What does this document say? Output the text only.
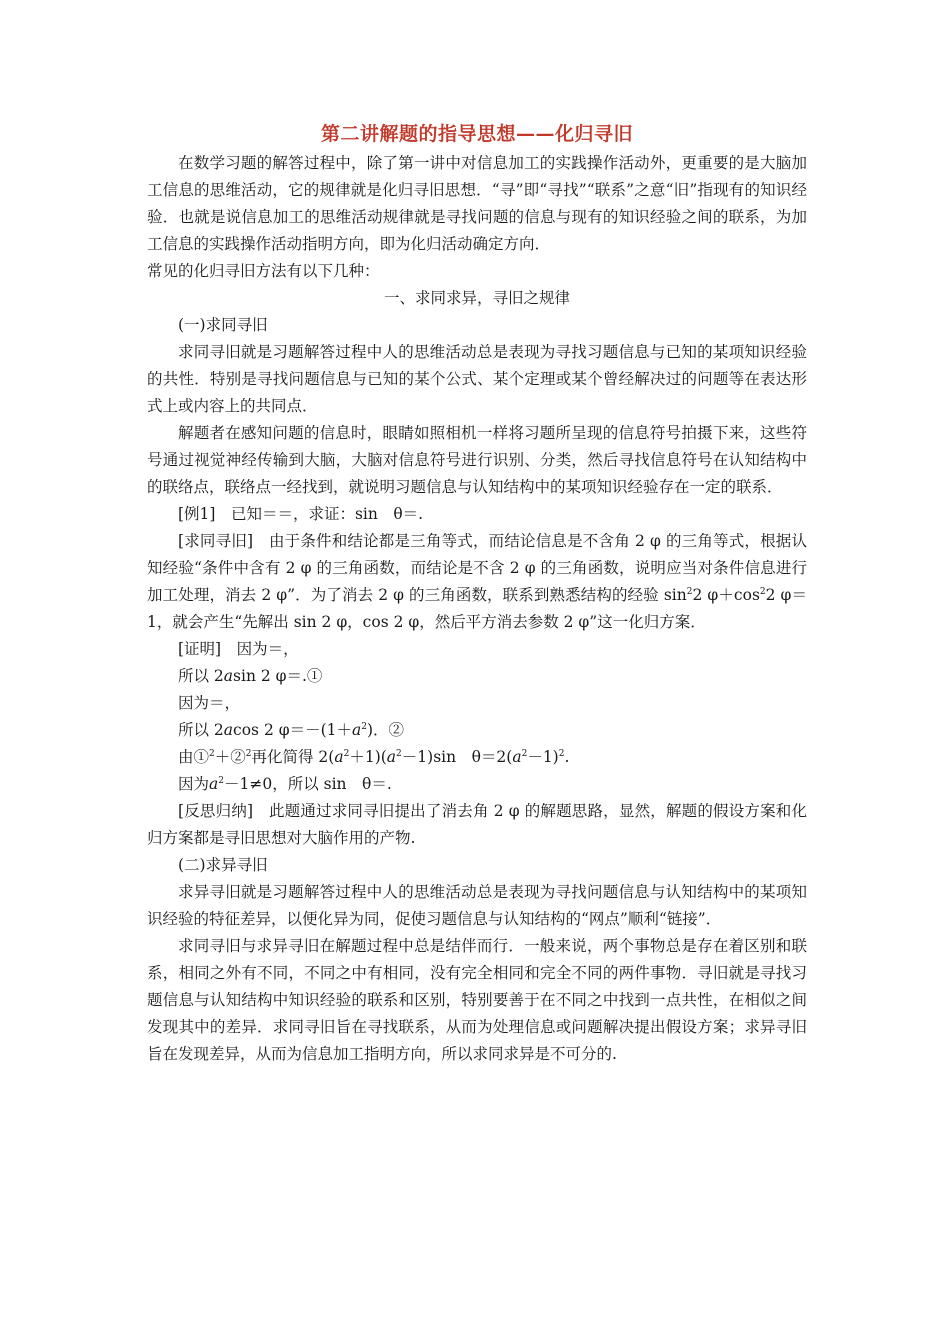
第二讲解题的指导思想——化归寻旧

在数学习题的解答过程中，除了第一讲中对信息加工的实践操作活动外，更重要的是大脑加工信息的思维活动，它的规律就是化归寻旧思想．“寻”即“寻找”“联系”之意“旧”指现有的知识经验．也就是说信息加工的思维活动规律就是寻找问题的信息与现有的知识经验之间的联系，为加工信息的实践操作活动指明方向，即为化归活动确定方向．

常见的化归寻旧方法有以下几种：

一、求同求异，寻旧之规律

(一)求同寻旧

求同寻旧就是习题解答过程中人的思维活动总是表现为寻找习题信息与已知的某项知识经验的共性．特别是寻找问题信息与已知的某个公式、某个定理或某个曾经解决过的问题等在表达形式上或内容上的共同点．

解题者在感知问题的信息时，眼睛如照相机一样将习题所呈现的信息符号拍摄下来，这些符号通过视觉神经传输到大脑，大脑对信息符号进行识别、分类，然后寻找信息符号在认知结构中的联络点，联络点一经找到，就说明习题信息与认知结构中的某项知识经验存在一定的联系．

[例1]　已知＝＝，求证：sin　θ＝.

[求同寻旧]　由于条件和结论都是三角等式，而结论信息是不含角 2 φ 的三角等式，根据认知经验“条件中含有 2 φ 的三角函数，而结论是不含 2 φ 的三角函数，说明应当对条件信息进行加工处理，消去 2 φ”．为了消去 2 φ 的三角函数，联系到熟悉结构的经验 $\sin^22$ $\varphi+\cos^22$ φ＝1，就会产生“先解出 sin 2 φ，cos 2 φ，然后平方消去参数 2 φ”这一化归方案．

[证明]　因为＝，

所以 2asin 2 φ＝.①

因为＝，

所以 2acos 2 $\varphi=-(1+a^2)$．②

由①$^2$＋②$^2$再化简得 $2(a^2+1)(a^2-1)\sin$　$\theta=2(a^2-1)^2$.

因为$a^2-1\ne 0$，所以 sin　θ＝.

[反思归纳]　此题通过求同寻旧提出了消去角 2 φ 的解题思路，显然，解题的假设方案和化归方案都是寻旧思想对大脑作用的产物.

(二)求异寻旧

求异寻旧就是习题解答过程中人的思维活动总是表现为寻找问题信息与认知结构中的某项知识经验的特征差异，以便化异为同，促使习题信息与认知结构的“网点”顺利“链接”．

求同寻旧与求异寻旧在解题过程中总是结伴而行．一般来说，两个事物总是存在着区别和联系，相同之外有不同，不同之中有相同，没有完全相同和完全不同的两件事物．寻旧就是寻找习题信息与认知结构中知识经验的联系和区别，特别要善于在不同之中找到一点共性，在相似之间发现其中的差异．求同寻旧旨在寻找联系，从而为处理信息或问题解决提出假设方案；求异寻旧旨在发现差异，从而为信息加工指明方向，所以求同求异是不可分的.
